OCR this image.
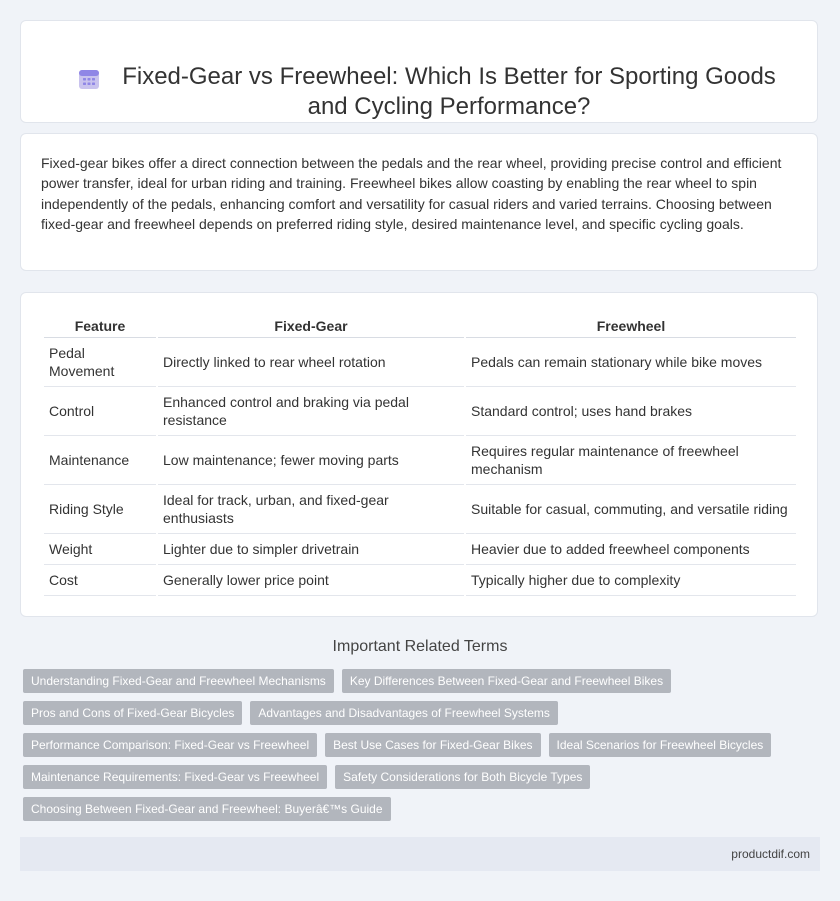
Fixed-Gear vs Freewheel: Which Is Better for Sporting Goods and Cycling Performance?

Fixed-gear bikes offer a direct connection between the pedals and the rear wheel, providing precise control and efficient power transfer, ideal for urban riding and training. Freewheel bikes allow coasting by enabling the rear wheel to spin independently of the pedals, enhancing comfort and versatility for casual riders and varied terrains. Choosing between fixed-gear and freewheel depends on preferred riding style, desired maintenance level, and specific cycling goals.

Feature	Fixed-Gear	Freewheel
Pedal Movement	Directly linked to rear wheel rotation	Pedals can remain stationary while bike moves
Control	Enhanced control and braking via pedal resistance	Standard control; uses hand brakes
Maintenance	Low maintenance; fewer moving parts	Requires regular maintenance of freewheel mechanism
Riding Style	Ideal for track, urban, and fixed-gear enthusiasts	Suitable for casual, commuting, and versatile riding
Weight	Lighter due to simpler drivetrain	Heavier due to added freewheel components
Cost	Generally lower price point	Typically higher due to complexity
Important Related Terms
Understanding Fixed-Gear and Freewheel Mechanisms	Key Differences Between Fixed-Gear and Freewheel Bikes
Pros and Cons of Fixed-Gear Bicycles	Advantages and Disadvantages of Freewheel Systems
Performance Comparison: Fixed-Gear vs Freewheel	Best Use Cases for Fixed-Gear Bikes	Ideal Scenarios for Freewheel Bicycles
Maintenance Requirements: Fixed-Gear vs Freewheel	Safety Considerations for Both Bicycle Types
Choosing Between Fixed-Gear and Freewheel: Buyerâ€™s Guide
productdif.com
